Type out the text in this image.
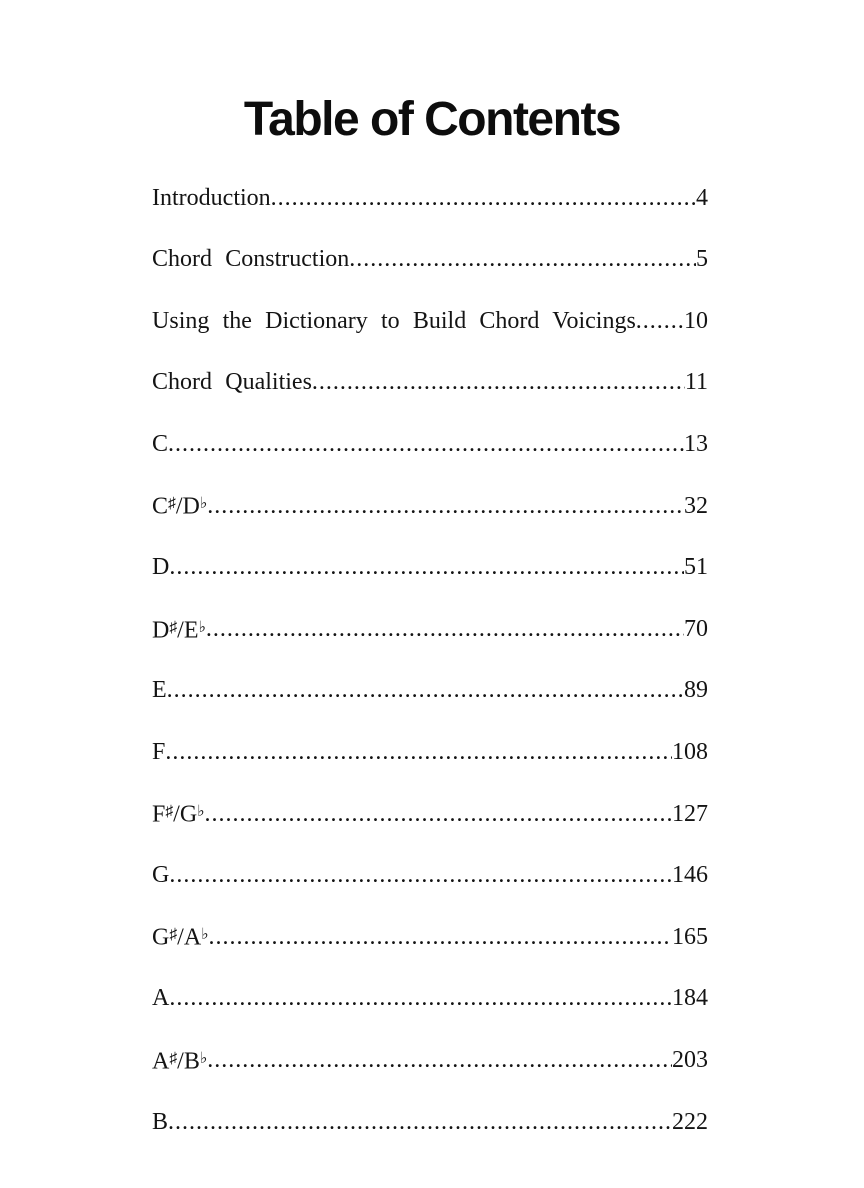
Table of Contents
Introduction .....	4
Chord Construction .....	5
Using the Dictionary to Build Chord Voicings ..... 10
Chord Qualities .....	11
C .....	13
C♯/D♭ .....	32
D .....	51
D♯/E♭ .....	70
E .....	89
F .....	108
F♯/G♭ .....	127
G .....	146
G♯/A♭ .....	165
A .....	184
A♯/B♭ .....	203
B .....	222
